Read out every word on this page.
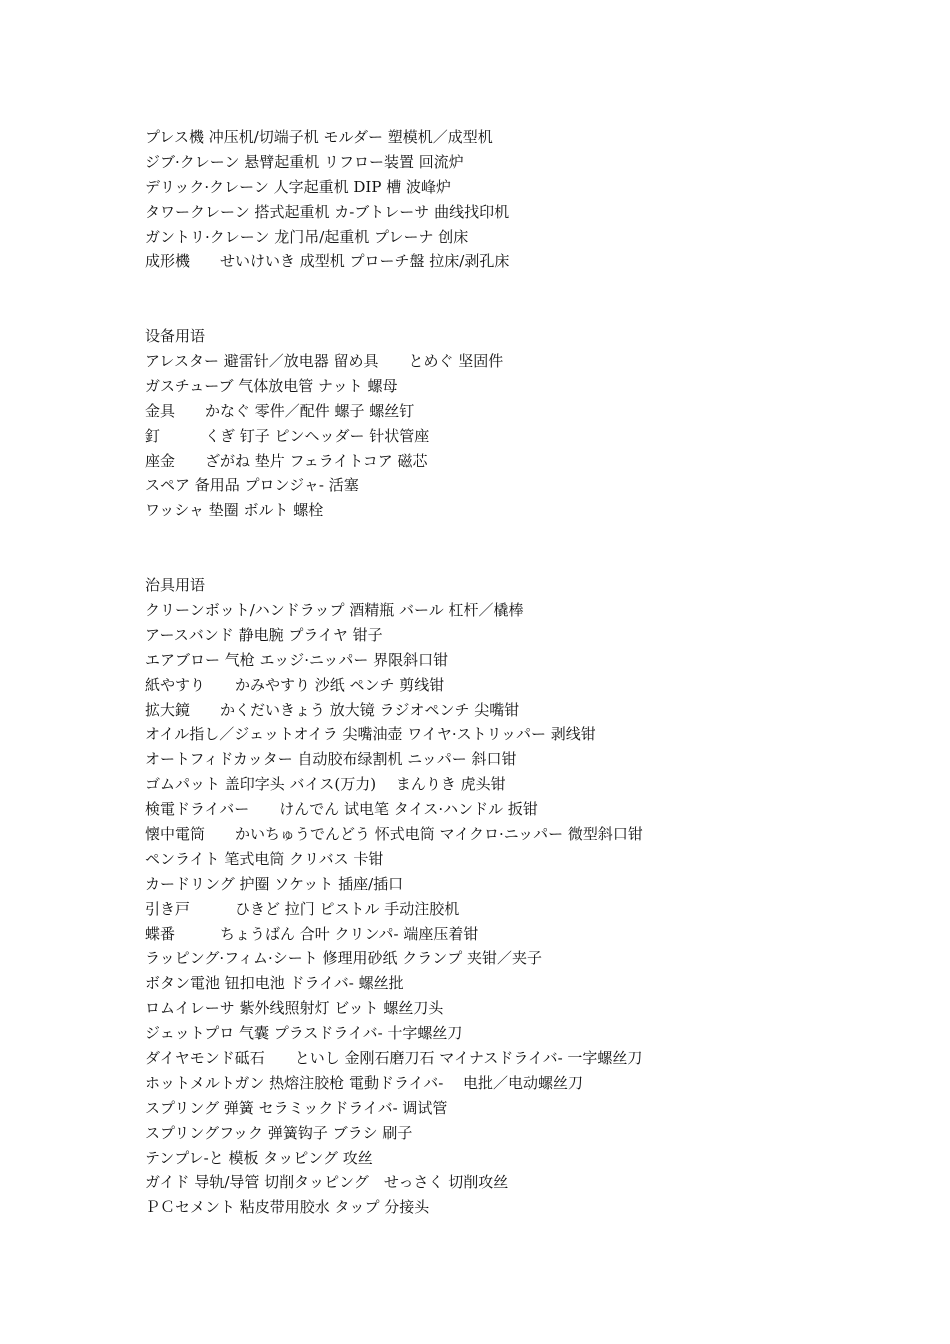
プレス機 冲压机/切端子机 モルダー 塑模机／成型机
ジブ·クレーン 悬臂起重机 リフロー装置 回流炉
デリック·クレーン 人字起重机 DIP 槽 波峰炉
タワークレーン 搭式起重机 カ-ブトレーサ 曲线找印机
ガントリ·クレーン 龙门吊/起重机 プレーナ 创床
成形機　　せいけいき 成型机 プローチ盤 拉床/剥孔床
设备用语
アレスター 避雷针／放电器 留め具　　とめぐ 坚固件
ガスチューブ 气体放电管 ナット 螺母
金具　　かなぐ 零件／配件 螺子 螺丝钉
釘　　　くぎ 钉子 ピンヘッダー 针状管座
座金　　ざがね 垫片 フェライトコア 磁芯
スペア 备用品 プロンジャ- 活塞
ワッシャ 垫圈 ボルト 螺栓
治具用语
クリーンボット/ハンドラップ 酒精瓶 バール 杠杆／橇棒
アースバンド 静电腕 プライヤ 钳子
エアブロー 气枪 エッジ·ニッパー 界限斜口钳
紙やすり　　かみやすり 沙纸 ペンチ 剪线钳
拡大鏡　　かくだいきょう 放大镜 ラジオペンチ 尖嘴钳
オイル指し／ジェットオイラ 尖嘴油壶 ワイヤ·ストリッパー 剥线钳
オートフィドカッター 自动胶布绿割机 ニッパー 斜口钳
ゴムパット 盖印字头 バイス(万力)　 まんりき 虎头钳
検電ドライバー　　けんでん 试电笔 タイス·ハンドル 扳钳
懐中電筒　　かいちゅうでんどう 怀式电筒 マイクロ·ニッパー 微型斜口钳
ペンライト 笔式电筒 クリバス 卡钳
カードリング 护圈 ソケット 插座/插口
引き戸　　　ひきど 拉门 ピストル 手动注胶机
蝶番　　　ちょうばん 合叶 クリンパ- 端座压着钳
ラッピング·フィム·シート 修理用砂纸 クランプ 夹钳／夹子
ボタン電池 钮扣电池 ドライバ- 螺丝批
ロムイレーサ 紫外线照射灯 ビット 螺丝刀头
ジェットプロ 气囊 プラスドライバ- 十字螺丝刀
ダイヤモンド砥石　　といし 金刚石磨刀石 マイナスドライバ- 一字螺丝刀
ホットメルトガン 热熔注胶枪 電動ドライバ-　 电批／电动螺丝刀
スプリング 弹簧 セラミックドライバ- 调试管
スプリングフック 弹簧钩子 ブラシ 刷子
テンプレ-と 模板 タッピング 攻丝
ガイド 导轨/导管 切削タッピング　せっさく 切削攻丝
ＰＣセメント 粘皮带用胶水 タップ 分接头
